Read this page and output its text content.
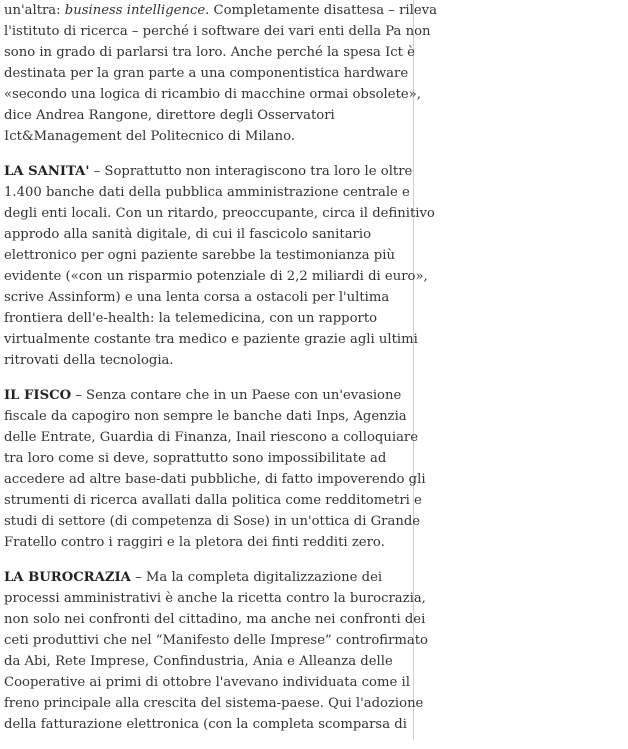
un'altra: business intelligence. Completamente disattesa – rileva
l'istituto di ricerca – perché i software dei vari enti della Pa non
sono in grado di parlarsi tra loro. Anche perché la spesa Ict è
destinata per la gran parte a una componentistica hardware
«secondo una logica di ricambio di macchine ormai obsolete»,
dice Andrea Rangone, direttore degli Osservatori
Ict&Management del Politecnico di Milano.

LA SANITA' – Soprattutto non interagiscono tra loro le oltre
1.400 banche dati della pubblica amministrazione centrale e
degli enti locali. Con un ritardo, preoccupante, circa il definitivo
approdo alla sanità digitale, di cui il fascicolo sanitario
elettronico per ogni paziente sarebbe la testimonianza più
evidente («con un risparmio potenziale di 2,2 miliardi di euro»,
scrive Assinform) e una lenta corsa a ostacoli per l'ultima
frontiera dell'e-health: la telemedicina, con un rapporto
virtualmente costante tra medico e paziente grazie agli ultimi
ritrovati della tecnologia.

IL FISCO – Senza contare che in un Paese con un'evasione
fiscale da capogiro non sempre le banche dati Inps, Agenzia
delle Entrate, Guardia di Finanza, Inail riescono a colloquiare
tra loro come si deve, soprattutto sono impossibilitate ad
accedere ad altre base-dati pubbliche, di fatto impoverendo gli
strumenti di ricerca avallati dalla politica come redditometri e
studi di settore (di competenza di Sose) in un'ottica di Grande
Fratello contro i raggiri e la pletora dei finti redditi zero.

LA BUROCRAZIA – Ma la completa digitalizzazione dei
processi amministrativi è anche la ricetta contro la burocrazia,
non solo nei confronti del cittadino, ma anche nei confronti dei
ceti produttivi che nel “Manifesto delle Imprese” controfirmato
da Abi, Rete Imprese, Confindustria, Ania e Alleanza delle
Cooperative ai primi di ottobre l'avevano individuata come il
freno principale alla crescita del sistema-paese. Qui l'adozione
della fatturazione elettronica (con la completa scomparsa di
